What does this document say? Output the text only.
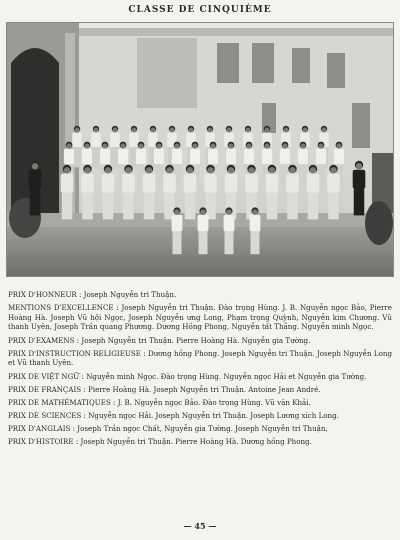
CLASSE DE CINQUIÈME
PRIX D'HONNEUR : Joseph Nguyễn tri Thuận.
MENTIONS D'EXCELLENCE : Joseph Nguyễn tri Thuận. Đào trọng Hùng. J. B. Nguyễn ngọc Bảo, Pierre Hoàng Hà. Joseph Vũ hội Ngọc, Joseph Nguyễn ưng Long, Phạm trọng Quỳnh, Nguyễn kim Chương. Vũ thanh Uyên, Joseph Trần quang Phương. Dương Hồng Phong, Nguyễn tất Thắng. Nguyễn minh Ngọc.
PRIX D'EXAMENS : Joseph Nguyễn tri Thuận. Pierre Hoàng Hà. Nguyễn gia Tường.
PRIX D'INSTRUCTION RELIGIEUSE : Dương hồng Phong. Joseph Nguyễn tri Thuận. Joseph Nguyễn Long et Vũ thanh Uyên.
PRIX DE VIỆT NGỮ : Nguyễn minh Ngọc. Đào trọng Hùng. Nguyễn ngọc Hải et Nguyễn gia Tường.
PRIX DE FRANÇAIS : Pierre Hoàng Hà. Joseph Nguyễn tri Thuận. Antoine Jean André.
PRIX DE MATHÉMATIQUES : J. B. Nguyễn ngọc Bảo. Đào trọng Hùng. Vũ văn Khải.
PRIX DE SCIENCES : Nguyễn ngọc Hải. Joseph Nguyễn tri Thuận. Joseph Lương xích Long.
PRIX D'ANGLAIS : Joseph Trần ngọc Chất, Nguyễn gia Tường. Joseph Nguyễn tri Thuận,
PRIX D'HISTOIRE : Joseph Nguyễn tri Thuận. Pierre Hoàng Hà. Dương hồng Phong.
— 45 —
